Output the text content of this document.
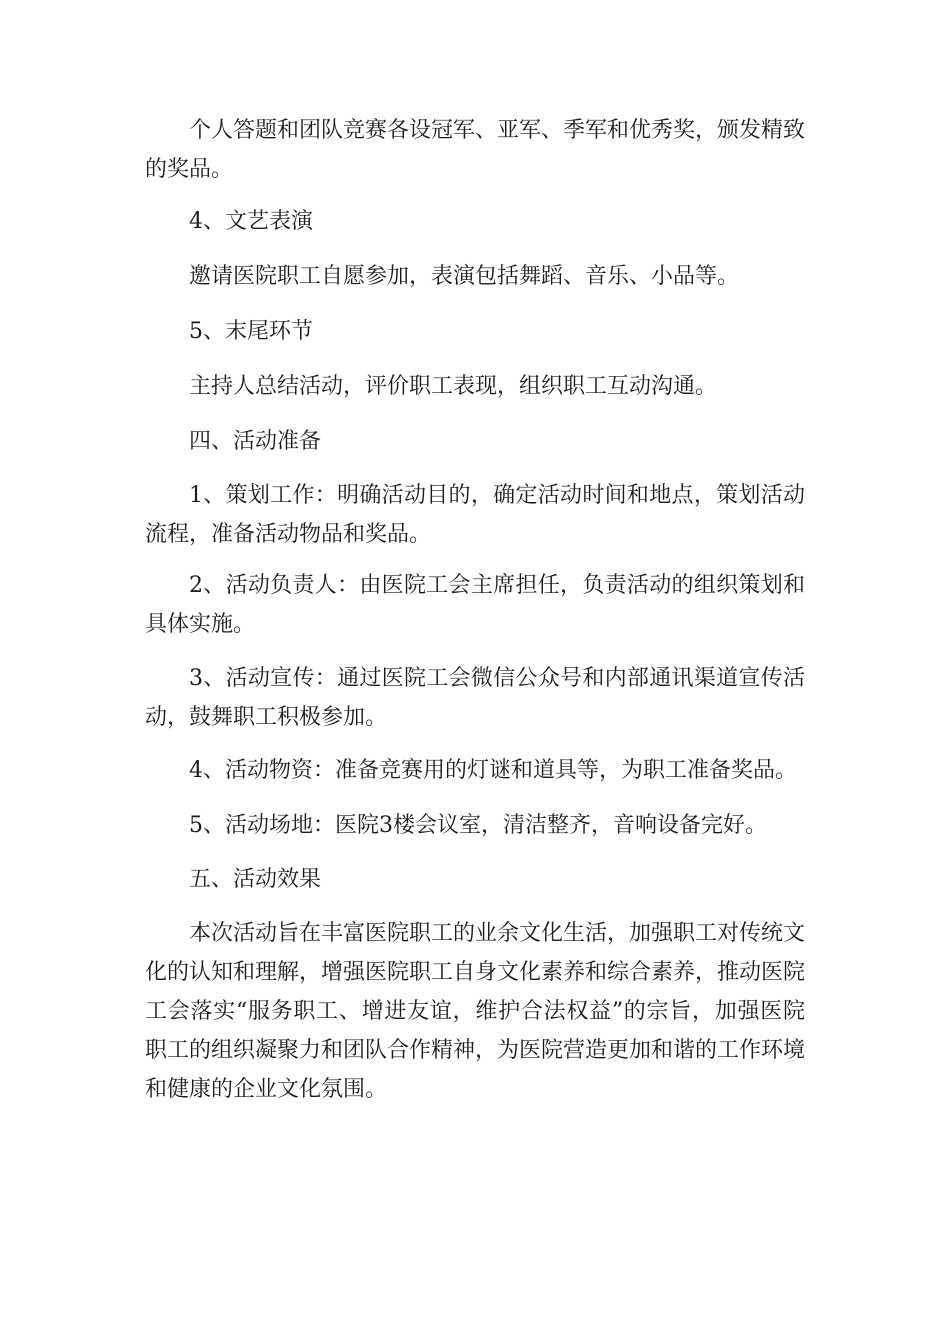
个人答题和团队竞赛各设冠军、亚军、季军和优秀奖，颁发精致的奖品。

4、文艺表演

邀请医院职工自愿参加，表演包括舞蹈、音乐、小品等。

5、末尾环节

主持人总结活动，评价职工表现，组织职工互动沟通。

四、活动准备

1、策划工作：明确活动目的，确定活动时间和地点，策划活动流程，准备活动物品和奖品。

2、活动负责人：由医院工会主席担任，负责活动的组织策划和具体实施。

3、活动宣传：通过医院工会微信公众号和内部通讯渠道宣传活动，鼓舞职工积极参加。

4、活动物资：准备竞赛用的灯谜和道具等，为职工准备奖品。

5、活动场地：医院3楼会议室，清洁整齐，音响设备完好。

五、活动效果

本次活动旨在丰富医院职工的业余文化生活，加强职工对传统文化的认知和理解，增强医院职工自身文化素养和综合素养，推动医院工会落实“服务职工、增进友谊，维护合法权益”的宗旨，加强医院职工的组织凝聚力和团队合作精神，为医院营造更加和谐的工作环境和健康的企业文化氛围。
